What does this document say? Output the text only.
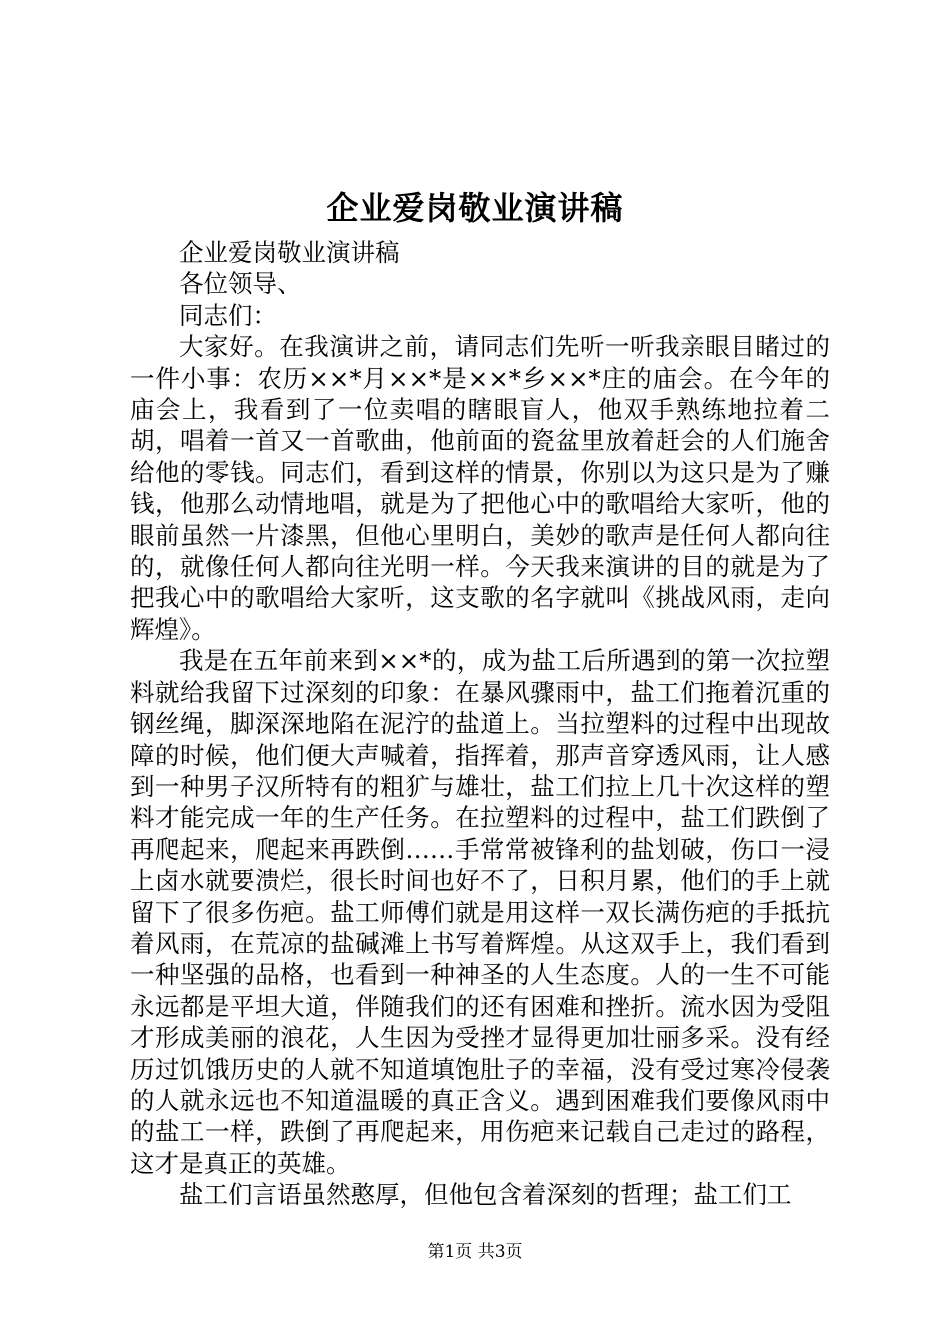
企业爱岗敬业演讲稿

企业爱岗敬业演讲稿

各位领导、

同志们：

大家好。在我演讲之前，请同志们先听一听我亲眼目睹过的一件小事：农历××*月××*是××*乡××*庄的庙会。在今年的庙会上，我看到了一位卖唱的瞎眼盲人，他双手熟练地拉着二胡，唱着一首又一首歌曲，他前面的瓷盆里放着赶会的人们施舍给他的零钱。同志们，看到这样的情景，你别以为这只是为了赚钱，他那么动情地唱，就是为了把他心中的歌唱给大家听，他的眼前虽然一片漆黑，但他心里明白，美妙的歌声是任何人都向往的，就像任何人都向往光明一样。今天我来演讲的目的就是为了把我心中的歌唱给大家听，这支歌的名字就叫《挑战风雨，走向辉煌》。

我是在五年前来到××*的，成为盐工后所遇到的第一次拉塑料就给我留下过深刻的印象：在暴风骤雨中，盐工们拖着沉重的钢丝绳，脚深深地陷在泥泞的盐道上。当拉塑料的过程中出现故障的时候，他们便大声喊着，指挥着，那声音穿透风雨，让人感到一种男子汉所特有的粗犷与雄壮，盐工们拉上几十次这样的塑料才能完成一年的生产任务。在拉塑料的过程中，盐工们跌倒了再爬起来，爬起来再跌倒……手常常被锋利的盐划破，伤口一浸上卤水就要溃烂，很长时间也好不了，日积月累，他们的手上就留下了很多伤疤。盐工师傅们就是用这样一双长满伤疤的手抵抗着风雨，在荒凉的盐碱滩上书写着辉煌。从这双手上，我们看到一种坚强的品格，也看到一种神圣的人生态度。人的一生不可能永远都是平坦大道，伴随我们的还有困难和挫折。流水因为受阻才形成美丽的浪花，人生因为受挫才显得更加壮丽多采。没有经历过饥饿历史的人就不知道填饱肚子的幸福，没有受过寒冷侵袭的人就永远也不知道温暖的真正含义。遇到困难我们要像风雨中的盐工一样，跌倒了再爬起来，用伤疤来记载自己走过的路程，这才是真正的英雄。

盐工们言语虽然憨厚，但他包含着深刻的哲理；盐工们工

第1页 共3页
